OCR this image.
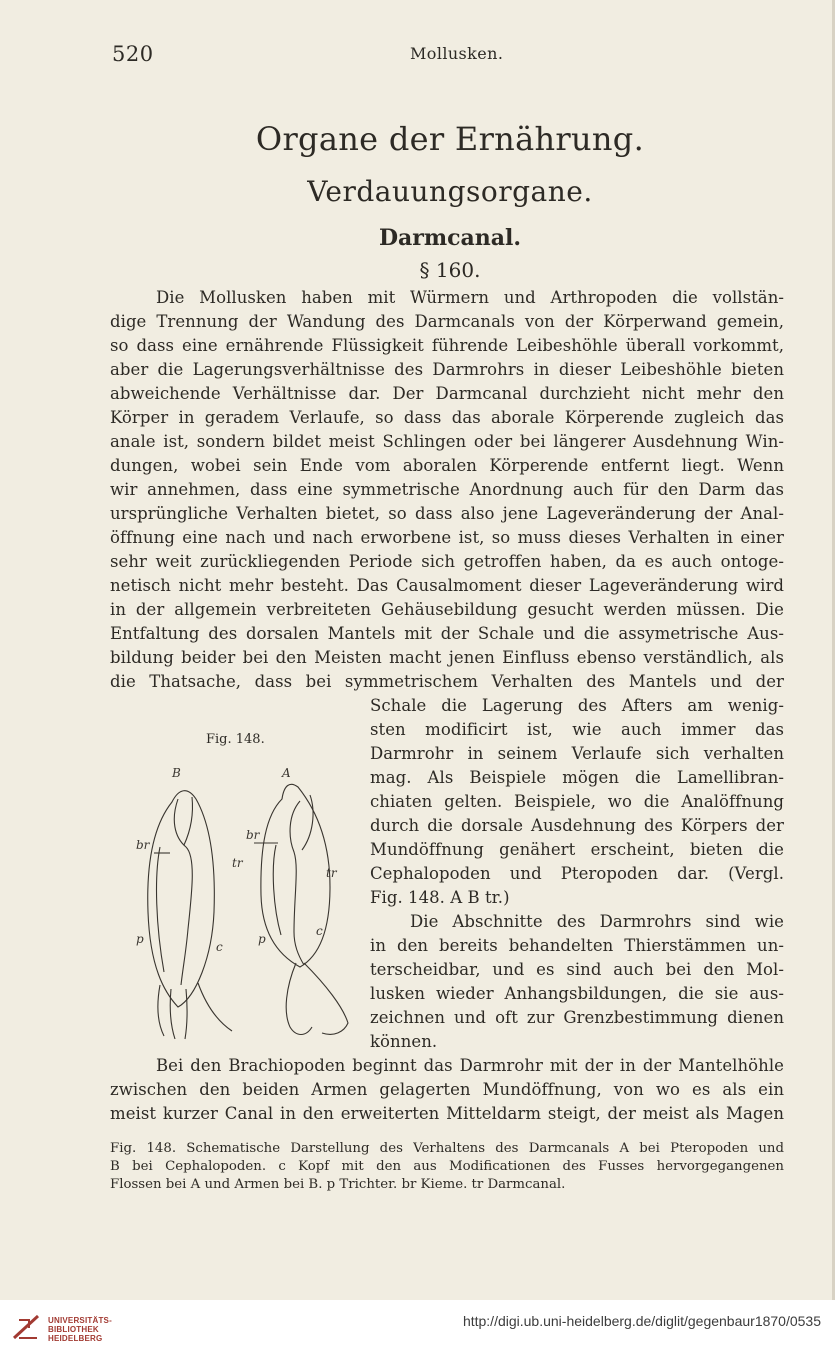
520	Mollusken.
Organe der Ernährung.
Verdauungsorgane.
Darmcanal.
§ 160.
Die Mollusken haben mit Würmern und Arthropoden die vollstän-
dige Trennung der Wandung des Darmcanals von der Körperwand gemein,
so dass eine ernährende Flüssigkeit führende Leibeshöhle überall vorkommt,
aber die Lagerungsverhältnisse des Darmrohrs in dieser Leibeshöhle bieten
abweichende Verhältnisse dar. Der Darmcanal durchzieht nicht mehr den
Körper in geradem Verlaufe, so dass das aborale Körperende zugleich das
anale ist, sondern bildet meist Schlingen oder bei längerer Ausdehnung Win-
dungen, wobei sein Ende vom aboralen Körperende entfernt liegt. Wenn
wir annehmen, dass eine symmetrische Anordnung auch für den Darm das
ursprüngliche Verhalten bietet, so dass also jene Lageveränderung der Anal-
öffnung eine nach und nach erworbene ist, so muss dieses Verhalten in einer
sehr weit zurückliegenden Periode sich getroffen haben, da es auch ontoge-
netisch nicht mehr besteht. Das Causalmoment dieser Lageveränderung wird
in der allgemein verbreiteten Gehäusebildung gesucht werden müssen. Die
Entfaltung des dorsalen Mantels mit der Schale und die assymetrische Aus-
bildung beider bei den Meisten macht jenen Einfluss ebenso verständlich, als
die Thatsache, dass bei symmetrischem Verhalten des Mantels und der
Schale die Lagerung des Afters am wenig-
sten modificirt ist, wie auch immer das
Darmrohr in seinem Verlaufe sich verhalten
mag. Als Beispiele mögen die Lamellibran-
chiaten gelten. Beispiele, wo die Analöffnung
durch die dorsale Ausdehnung des Körpers der
Mundöffnung genähert erscheint, bieten die
Cephalopoden und Pteropoden dar. (Vergl.
Fig. 148. A B tr.)
Die Abschnitte des Darmrohrs sind wie
in den bereits behandelten Thierstämmen un-
terscheidbar, und es sind auch bei den Mol-
lusken wieder Anhangsbildungen, die sie aus-
zeichnen und oft zur Grenzbestimmung dienen
können.
Bei den Brachiopoden beginnt das Darmrohr mit der in der Mantelhöhle
zwischen den beiden Armen gelagerten Mundöffnung, von wo es als ein
meist kurzer Canal in den erweiterten Mitteldarm steigt, der meist als Magen
Fig. 148.
B	A
br
br
tr
tr
p	p
c
c
Fig. 148. Schematische Darstellung des Verhaltens des Darmcanals A bei Pteropoden und
B bei Cephalopoden. c Kopf mit den aus Modificationen des Fusses hervorgegangenen
Flossen bei A und Armen bei B. p Trichter. br Kieme. tr Darmcanal.
UNIVERSITÄTS-
BIBLIOTHEK
HEIDELBERG
http://digi.ub.uni-heidelberg.de/diglit/gegenbaur1870/0535
